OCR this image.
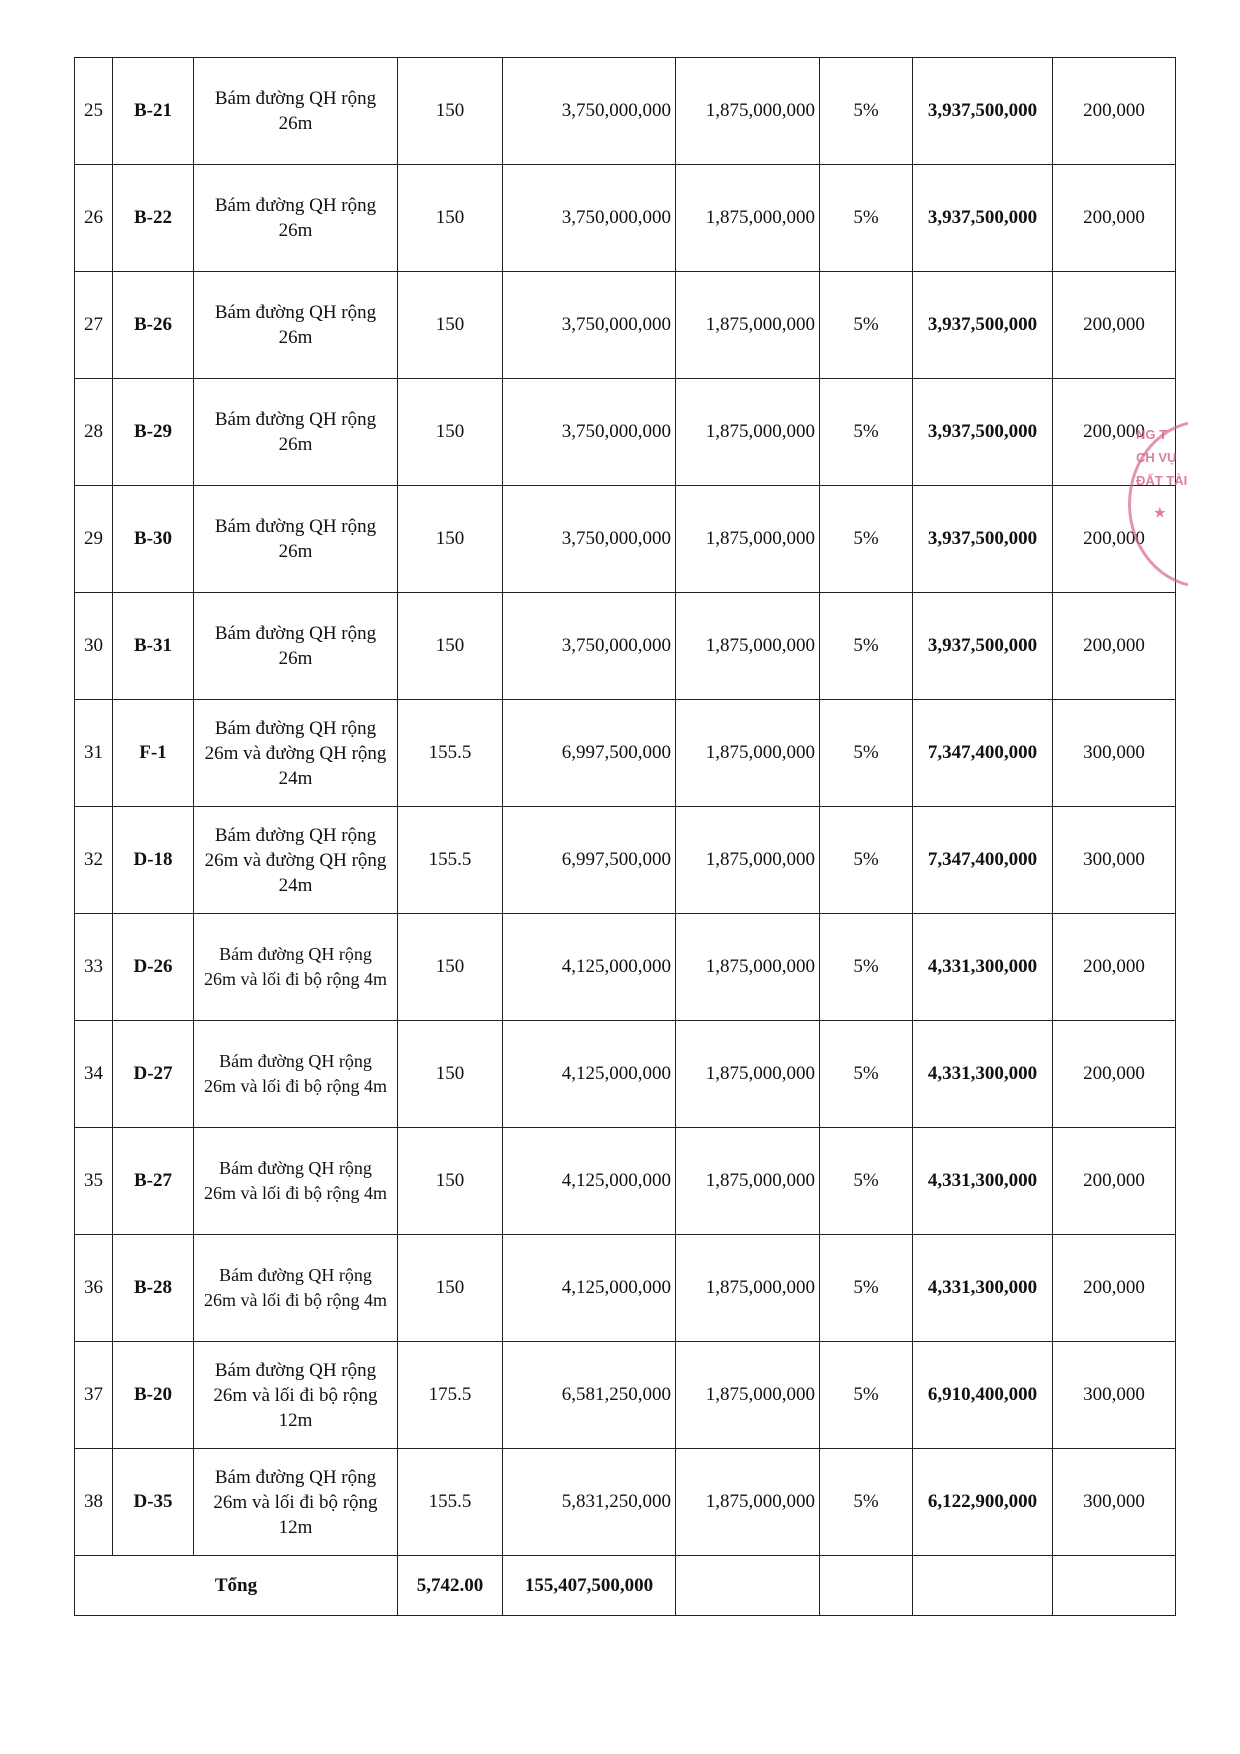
25	B-21	Bám đường QH rộng
26m	150	3,750,000,000	1,875,000,000	5%	3,937,500,000	200,000
26	B-22	Bám đường QH rộng
26m	150	3,750,000,000	1,875,000,000	5%	3,937,500,000	200,000
27	B-26	Bám đường QH rộng
26m	150	3,750,000,000	1,875,000,000	5%	3,937,500,000	200,000
28	B-29	Bám đường QH rộng
26m	150	3,750,000,000	1,875,000,000	5%	3,937,500,000	200,000
29	B-30	Bám đường QH rộng
26m	150	3,750,000,000	1,875,000,000	5%	3,937,500,000	200,000
30	B-31	Bám đường QH rộng
26m	150	3,750,000,000	1,875,000,000	5%	3,937,500,000	200,000
31	F-1	Bám đường QH rộng
26m và đường QH rộng
24m	155.5	6,997,500,000	1,875,000,000	5%	7,347,400,000	300,000
32	D-18	Bám đường QH rộng
26m và đường QH rộng
24m	155.5	6,997,500,000	1,875,000,000	5%	7,347,400,000	300,000
33	D-26	Bám đường QH rộng
26m và lối đi bộ rộng 4m	150	4,125,000,000	1,875,000,000	5%	4,331,300,000	200,000
34	D-27	Bám đường QH rộng
26m và lối đi bộ rộng 4m	150	4,125,000,000	1,875,000,000	5%	4,331,300,000	200,000
35	B-27	Bám đường QH rộng
26m và lối đi bộ rộng 4m	150	4,125,000,000	1,875,000,000	5%	4,331,300,000	200,000
36	B-28	Bám đường QH rộng
26m và lối đi bộ rộng 4m	150	4,125,000,000	1,875,000,000	5%	4,331,300,000	200,000
37	B-20	Bám đường QH rộng
26m và lối đi bộ rộng
12m	175.5	6,581,250,000	1,875,000,000	5%	6,910,400,000	300,000
38	D-35	Bám đường QH rộng
26m và lối đi bộ rộng
12m	155.5	5,831,250,000	1,875,000,000	5%	6,122,900,000	300,000
Tổng			5,742.00	155,407,500,000				
NG T
CH VỤ
ĐẤT TÀI
★
